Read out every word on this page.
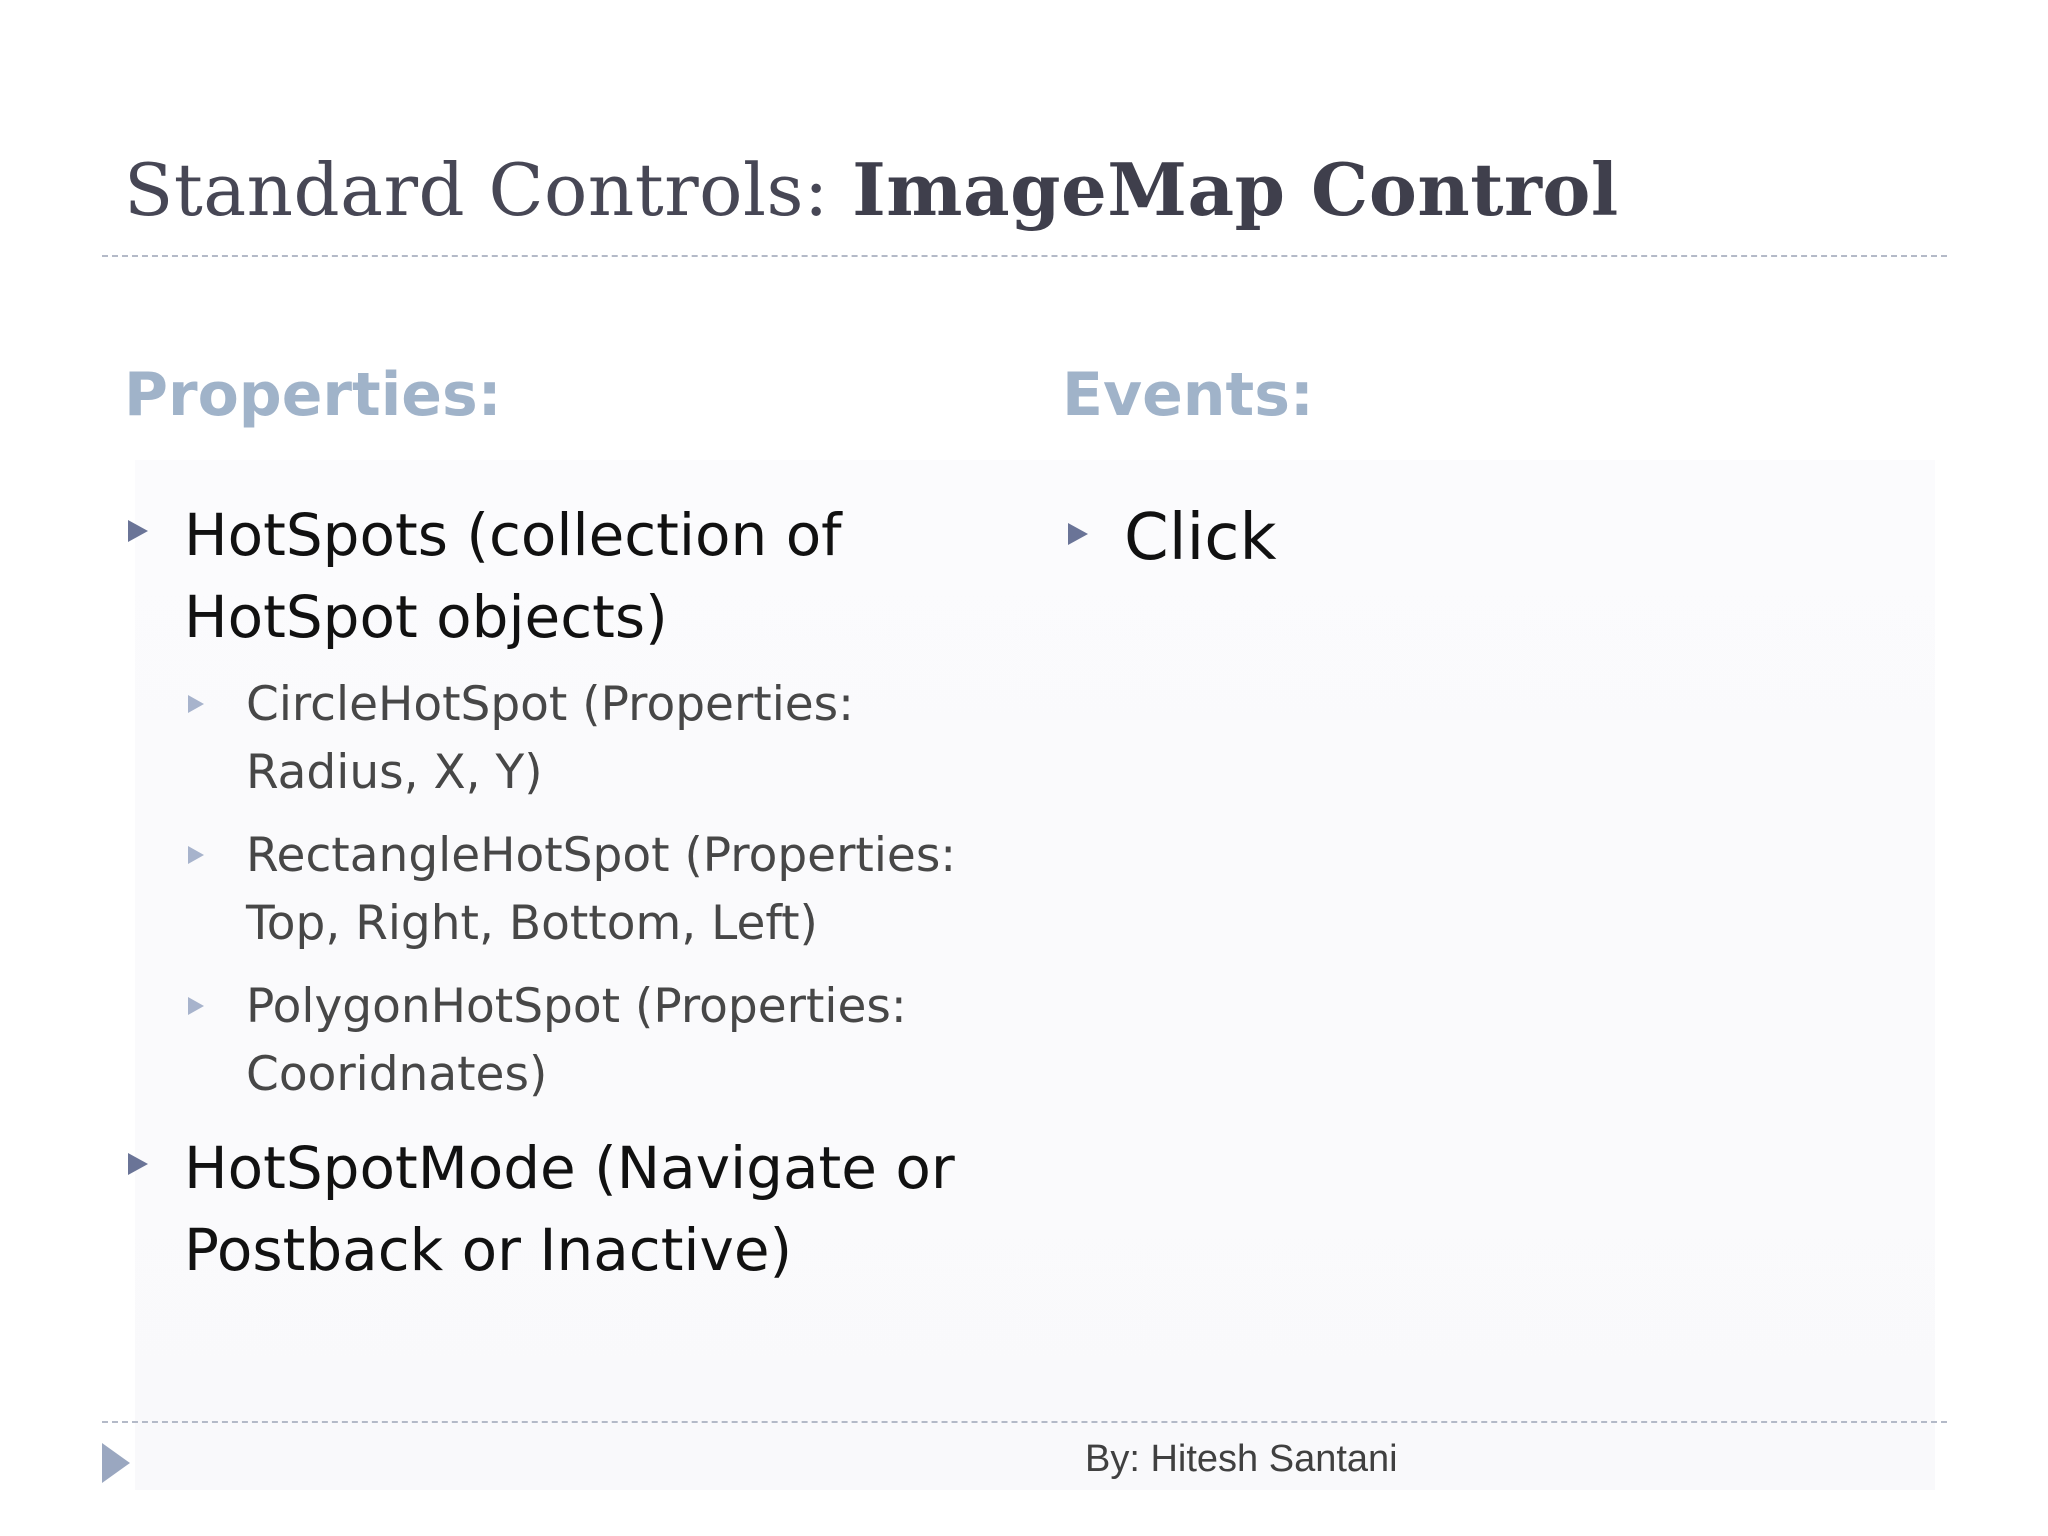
Standard Controls: ImageMap Control
Properties:	Events:
HotSpots (collection of
HotSpot objects)
CircleHotSpot (Properties:
Radius, X, Y)
RectangleHotSpot (Properties:
Top, Right, Bottom, Left)
PolygonHotSpot (Properties:
Cooridnates)
HotSpotMode (Navigate or
Postback or Inactive)
Click
By: Hitesh Santani
